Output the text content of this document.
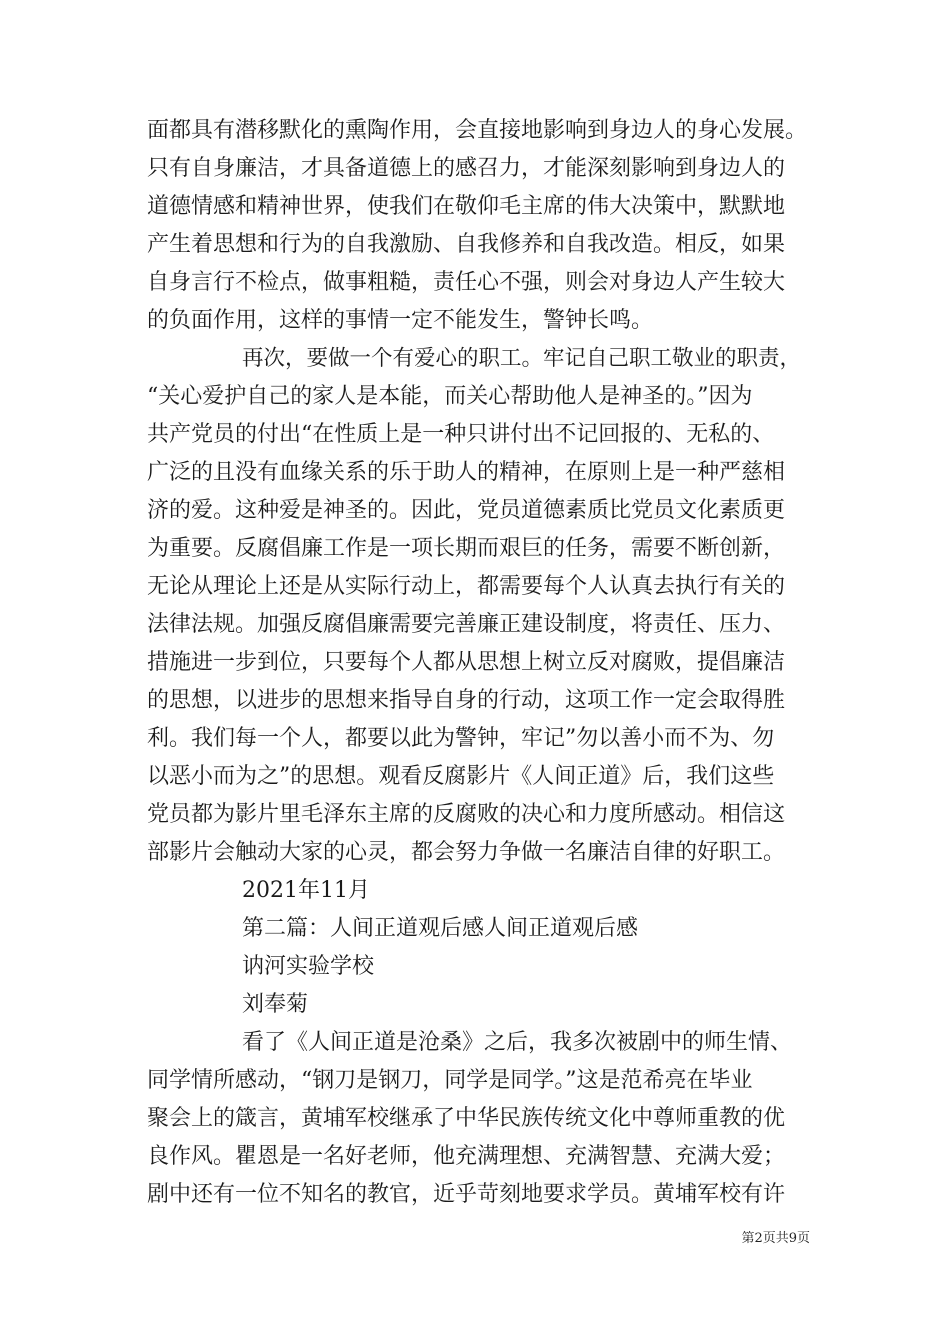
面都具有潜移默化的熏陶作用，会直接地影响到身边人的身心发展。
只有自身廉洁，才具备道德上的感召力，才能深刻影响到身边人的
道德情感和精神世界，使我们在敬仰毛主席的伟大决策中，默默地
产生着思想和行为的自我激励、自我修养和自我改造。相反，如果
自身言行不检点，做事粗糙，责任心不强，则会对身边人产生较大
的负面作用，这样的事情一定不能发生，警钟长鸣。
再次，要做一个有爱心的职工。牢记自己职工敬业的职责，
“关心爱护自己的家人是本能，而关心帮助他人是神圣的。”因为
共产党员的付出“在性质上是一种只讲付出不记回报的、无私的、
广泛的且没有血缘关系的乐于助人的精神，在原则上是一种严慈相
济的爱。这种爱是神圣的。因此，党员道德素质比党员文化素质更
为重要。反腐倡廉工作是一项长期而艰巨的任务，需要不断创新，
无论从理论上还是从实际行动上，都需要每个人认真去执行有关的
法律法规。加强反腐倡廉需要完善廉正建设制度，将责任、压力、
措施进一步到位，只要每个人都从思想上树立反对腐败，提倡廉洁
的思想，以进步的思想来指导自身的行动，这项工作一定会取得胜
利。我们每一个人，都要以此为警钟，牢记”勿以善小而不为、勿
以恶小而为之”的思想。观看反腐影片《人间正道》后，我们这些
党员都为影片里毛泽东主席的反腐败的决心和力度所感动。相信这
部影片会触动大家的心灵，都会努力争做一名廉洁自律的好职工。
2021年11月
第二篇：人间正道观后感人间正道观后感
讷河实验学校
刘奉菊
看了《人间正道是沧桑》之后，我多次被剧中的师生情、
同学情所感动，“钢刀是钢刀，同学是同学。”这是范希亮在毕业
聚会上的箴言，黄埔军校继承了中华民族传统文化中尊师重教的优
良作风。瞿恩是一名好老师，他充满理想、充满智慧、充满大爱；
剧中还有一位不知名的教官，近乎苛刻地要求学员。黄埔军校有许
第2页共9页
